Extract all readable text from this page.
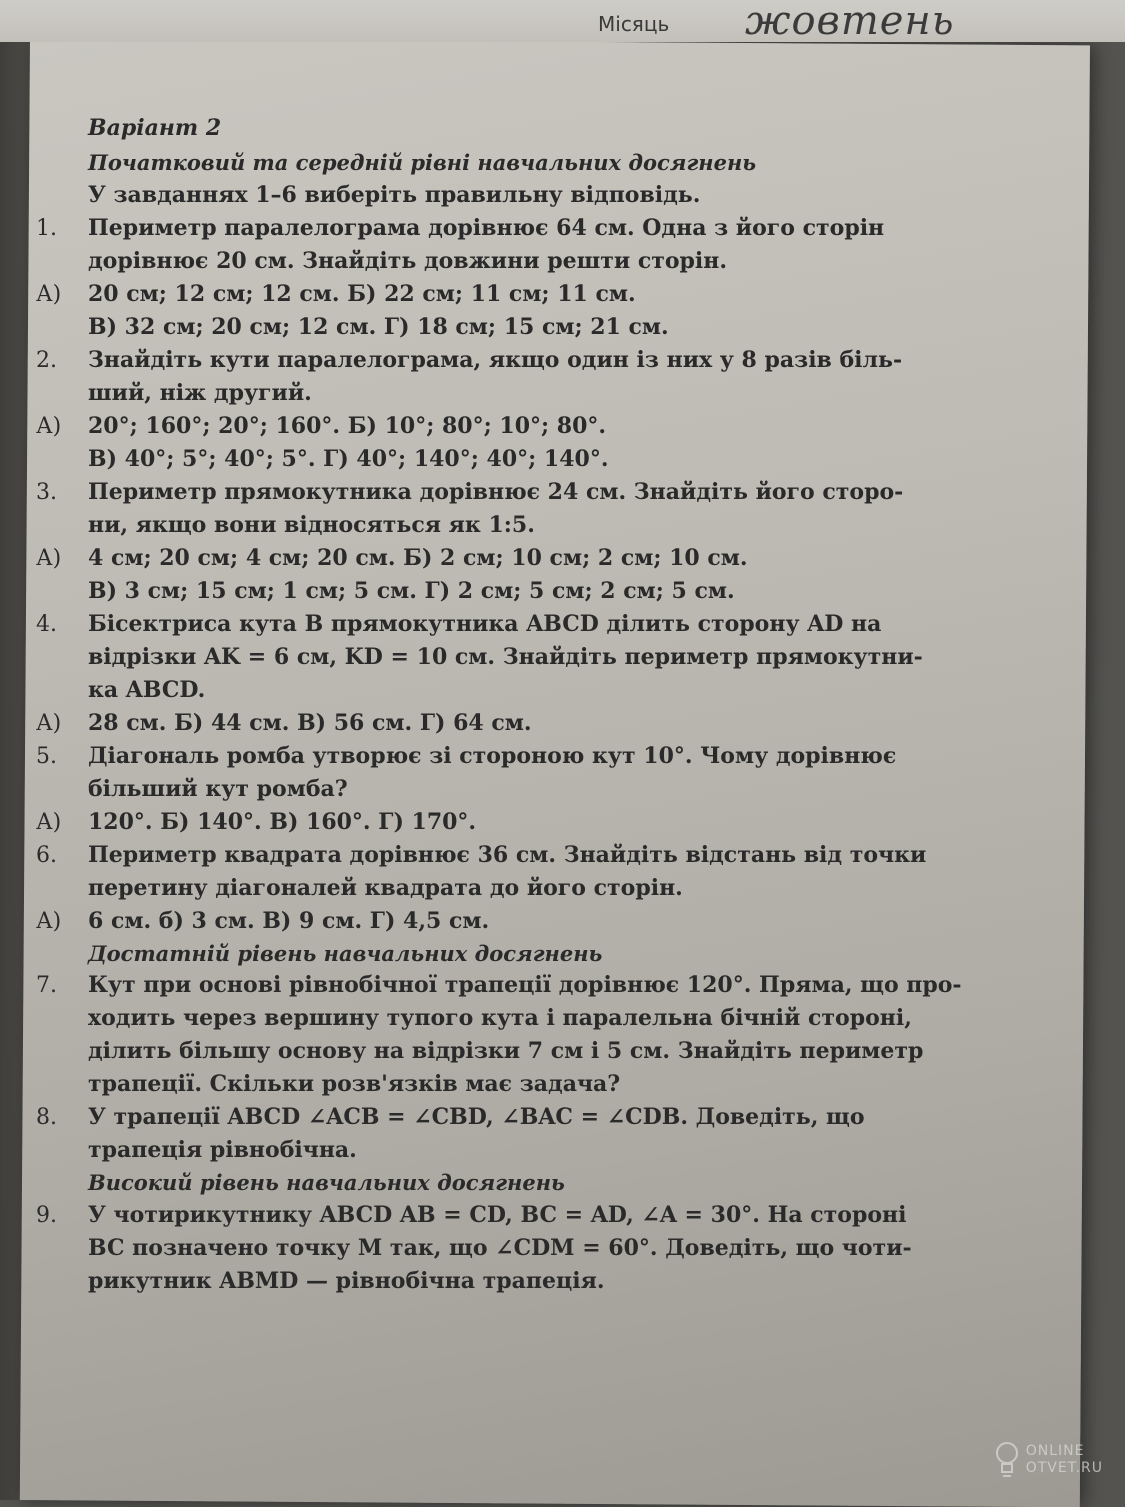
Місяць жовтень

Варіант 2

Початковий та середній рівні навчальних досягнень

У завданнях 1–6 виберіть правильну відповідь.
1. Периметр паралелограма дорівнює 64 см. Одна з його сторін
дорівнює 20 см. Знайдіть довжини решти сторін.
А) 20 см; 12 см; 12 см. Б) 22 см; 11 см; 11 см.
В) 32 см; 20 см; 12 см. Г) 18 см; 15 см; 21 см.
2. Знайдіть кути паралелограма, якщо один із них у 8 разів біль-
ший, ніж другий.
А) 20°; 160°; 20°; 160°. Б) 10°; 80°; 10°; 80°.
В) 40°; 5°; 40°; 5°. Г) 40°; 140°; 40°; 140°.
3. Периметр прямокутника дорівнює 24 см. Знайдіть його сторо-
ни, якщо вони відносяться як 1:5.
А) 4 см; 20 см; 4 см; 20 см. Б) 2 см; 10 см; 2 см; 10 см.
В) 3 см; 15 см; 1 см; 5 см. Г) 2 см; 5 см; 2 см; 5 см.
4. Бісектриса кута B прямокутника ABCD ділить сторону AD на
відрізки AK = 6 см, KD = 10 см. Знайдіть периметр прямокутни-
ка ABCD.
А) 28 см. Б) 44 см. В) 56 см. Г) 64 см.
5. Діагональ ромба утворює зі стороною кут 10°. Чому дорівнює
більший кут ромба?
А) 120°. Б) 140°. В) 160°. Г) 170°.
6. Периметр квадрата дорівнює 36 см. Знайдіть відстань від точки
перетину діагоналей квадрата до його сторін.
А) 6 см. б) 3 см. В) 9 см. Г) 4,5 см.

Достатній рівень навчальних досягнень

7. Кут при основі рівнобічної трапеції дорівнює 120°. Пряма, що про-
ходить через вершину тупого кута і паралельна бічній стороні,
ділить більшу основу на відрізки 7 см і 5 см. Знайдіть периметр
трапеції. Скільки розв'язків має задача?
8. У трапеції ABCD ∠ACB = ∠CBD, ∠BAC = ∠CDB. Доведіть, що
трапеція рівнобічна.

Високий рівень навчальних досягнень

9. У чотирикутнику ABCD AB = CD, BC = AD, ∠A = 30°. На стороні
BC позначено точку M так, що ∠CDM = 60°. Доведіть, що чоти-
рикутник ABMD — рівнобічна трапеція.
ONLINE
OTVET.RU
